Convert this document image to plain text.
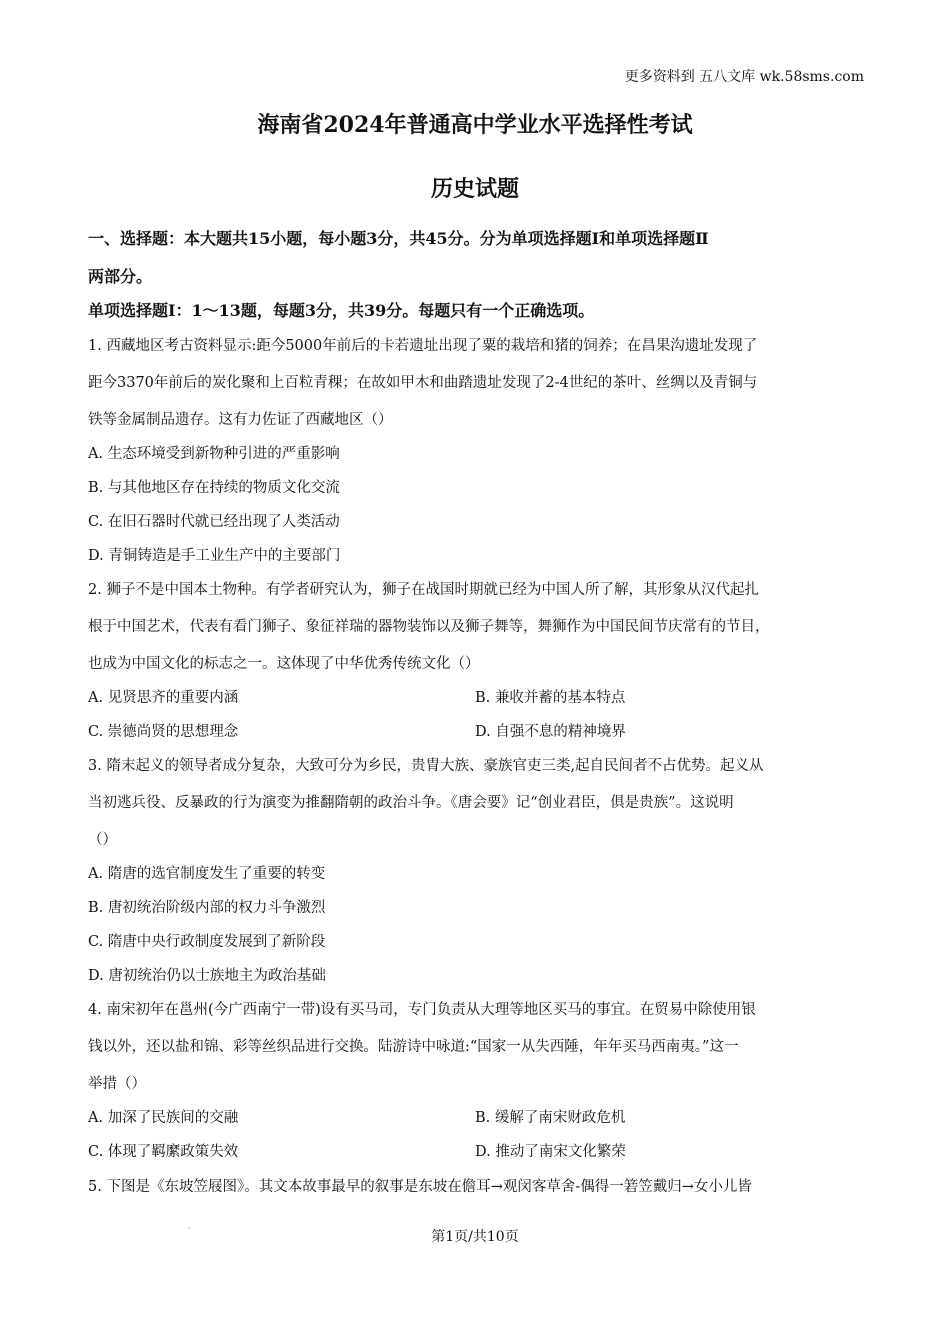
更多资料到 五八文库 wk.58sms.com
海南省2024年普通高中学业水平选择性考试
历史试题
一、选择题：本大题共15小题，每小题3分，共45分。分为单项选择题Ⅰ和单项选择题Ⅱ
两部分。
单项选择题Ⅰ：1～13题，每题3分，共39分。每题只有一个正确选项。
1. 西藏地区考古资料显示:距今5000年前后的卡若遗址出现了粟的栽培和猪的饲养；在昌果沟遗址发现了
距今3370年前后的炭化聚和上百粒青稞；在故如甲木和曲踏遗址发现了2-4世纪的茶叶、丝绸以及青铜与
铁等金属制品遗存。这有力佐证了西藏地区（）
A. 生态环境受到新物种引进的严重影响
B. 与其他地区存在持续的物质文化交流
C. 在旧石器时代就已经出现了人类活动
D. 青铜铸造是手工业生产中的主要部门
2. 狮子不是中国本土物种。有学者研究认为，狮子在战国时期就已经为中国人所了解，其形象从汉代起扎
根于中国艺术，代表有看门狮子、象征祥瑞的器物装饰以及狮子舞等，舞狮作为中国民间节庆常有的节目，
也成为中国文化的标志之一。这体现了中华优秀传统文化（）
A. 见贤思齐的重要内涵	B. 兼收并蓄的基本特点
C. 崇德尚贤的思想理念	D. 自强不息的精神境界
3. 隋末起义的领导者成分复杂，大致可分为乡民，贵胄大族、豪族官吏三类,起自民间者不占优势。起义从
当初逃兵役、反暴政的行为演变为推翻隋朝的政治斗争。《唐会要》记“创业君臣，俱是贵族”。这说明
（）
A. 隋唐的选官制度发生了重要的转变
B. 唐初统治阶级内部的权力斗争激烈
C. 隋唐中央行政制度发展到了新阶段
D. 唐初统治仍以士族地主为政治基础
4. 南宋初年在邕州(今广西南宁一带)设有买马司，专门负责从大理等地区买马的事宜。在贸易中除使用银
钱以外，还以盐和锦、彩等丝织品进行交换。陆游诗中咏道:“国家一从失西陲，年年买马西南夷。”这一
举措（）
A. 加深了民族间的交融	B. 缓解了南宋财政危机
C. 体现了羁縻政策失效	D. 推动了南宋文化繁荣
5. 下图是《东坡笠屐图》。其文本故事最早的叙事是东坡在儋耳→观闵客草舍-偶得一箬笠戴归→女小儿皆
·
第1页/共10页
